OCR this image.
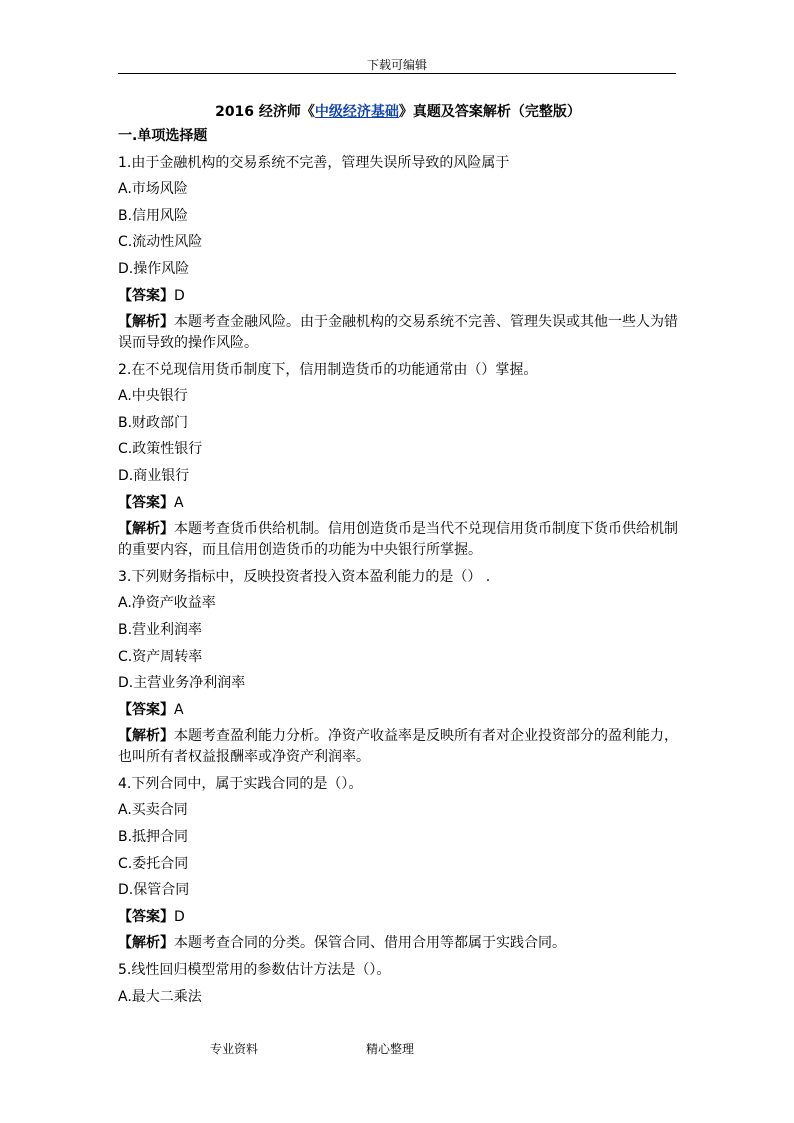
下载可编辑
2016 经济师《中级经济基础》真题及答案解析（完整版）
一.单项选择题
1.由于金融机构的交易系统不完善，管理失误所导致的风险属于
A.市场风险
B.信用风险
C.流动性风险
D.操作风险
【答案】D
【解析】本题考查金融风险。由于金融机构的交易系统不完善、管理失误或其他一些人为错误而导致的操作风险。
2.在不兑现信用货币制度下，信用制造货币的功能通常由（）掌握。
A.中央银行
B.财政部门
C.政策性银行
D.商业银行
【答案】A
【解析】本题考查货币供给机制。信用创造货币是当代不兑现信用货币制度下货币供给机制的重要内容，而且信用创造货币的功能为中央银行所掌握。
3.下列财务指标中，反映投资者投入资本盈利能力的是（） .
A.净资产收益率
B.营业利润率
C.资产周转率
D.主营业务净利润率
【答案】A
【解析】本题考查盈利能力分析。净资产收益率是反映所有者对企业投资部分的盈利能力，也叫所有者权益报酬率或净资产利润率。
4.下列合同中，属于实践合同的是（）。
A.买卖合同
B.抵押合同
C.委托合同
D.保管合同
【答案】D
【解析】本题考查合同的分类。保管合同、借用合用等都属于实践合同。
5.线性回归模型常用的参数估计方法是（）。
A.最大二乘法
专业资料	精心整理
